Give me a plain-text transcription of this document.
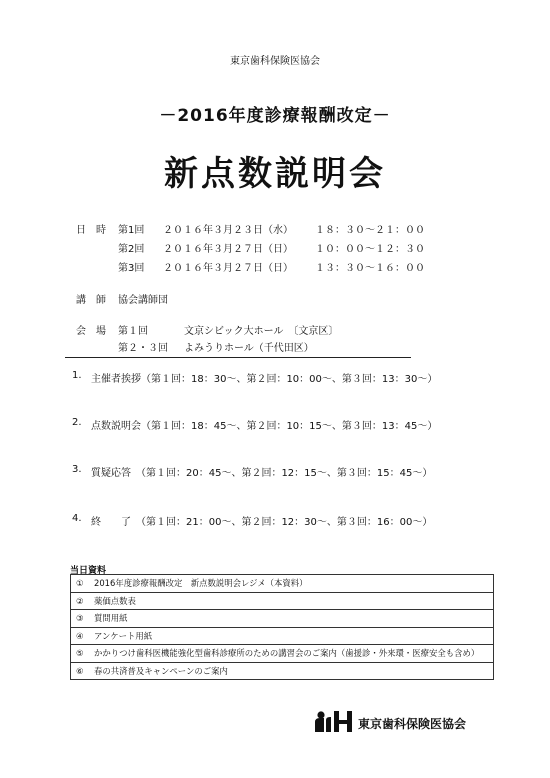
東京歯科保険医協会
－2016年度診療報酬改定－
新点数説明会
日　時 第1回 ２０１６年３月２３日（水） １８：３０～２１：００
第2回 ２０１６年３月２７日（日） １０：００～１２：３０
第3回 ２０１６年３月２７日（日） １３：３０～１６：００
講　師 協会講師団
会　場 第１回	文京シビック大ホール　〔文京区〕
第２・３回 よみうりホール（千代田区）
1. 主催者挨拶（第１回：18：30～、第２回：10：00～、第３回：13：30～）
2. 点数説明会（第１回：18：45～、第２回：10：15～、第３回：13：45～）
3. 質疑応答　（第１回：20：45～、第２回：12：15～、第３回：15：45～）
4. 終　　了　（第１回：21：00～、第２回：12：30～、第３回：16：00～）
当日資料
① 2016年度診療報酬改定　新点数説明会レジメ（本資料）
② 薬価点数表
③ 質問用紙
④ アンケート用紙
⑤ かかりつけ歯科医機能強化型歯科診療所のための講習会のご案内（歯援診・外来環・医療安全も含め）
⑥ 春の共済普及キャンペーンのご案内
東京歯科保険医協会
